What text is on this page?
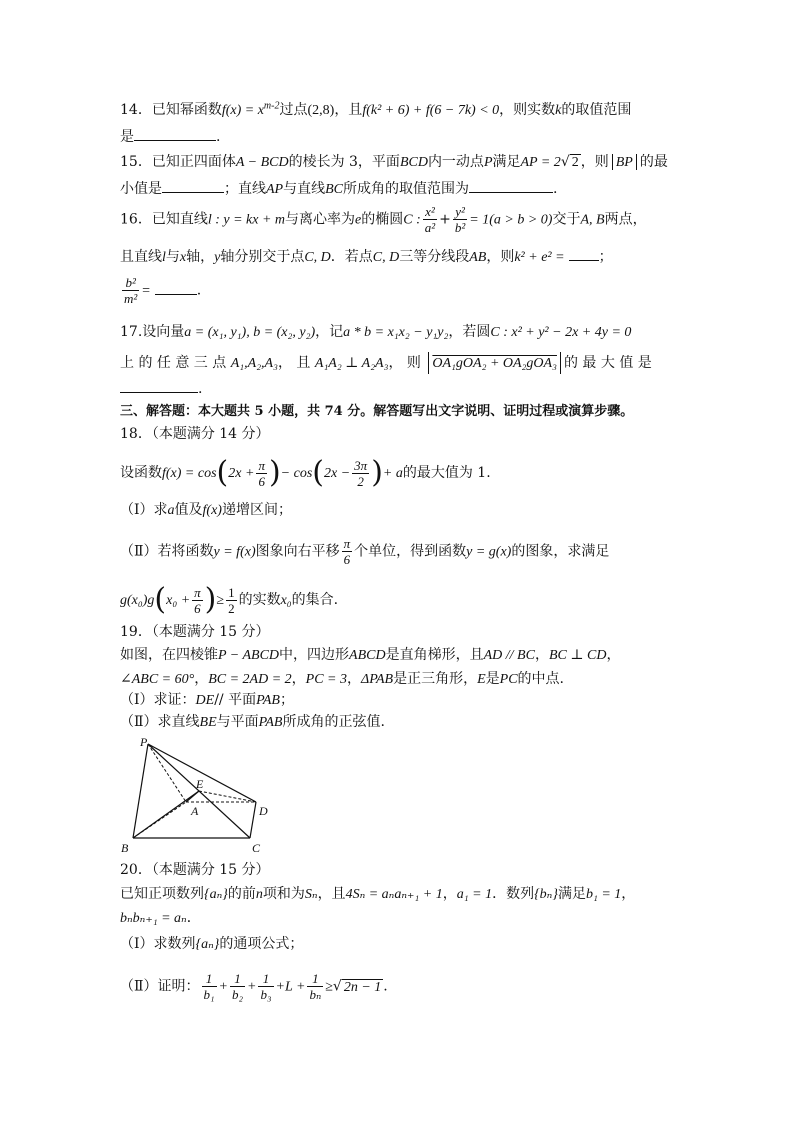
14．已知幂函数$f(x) = x^{m-2}$过点(2,8)，且f(k² + 6) + f(6 − 7k) < 0，则实数k的取值范围
是	.
15．已知正四面体A − BCD的棱长为 3，平面BCD内一动点P满足AP = 2√ 2 ，则 BP 的最
小值是	；直线AP与直线BC所成角的取值范围为	.
16．已知直线l : y = kx + m与离心率为e的椭圆C : $\frac{\text{x²}}{\text{a²}} + \frac{\text{y²}}{\text{b²}} = 1(a > b > 0)$交于A, B两点，
且直线l与x轴，y轴分别交于点C, D．若点C, D三等分线段AB，则k² + e² = ；
$\frac{\text{b²}}{\text{m²}}$ =	.
17.设向量a = (x₁, y₁), b = (x₂, y₂)，记a * b = x₁x₂ − y₁y₂，若圆C : x² + y² − 2x + 4y = 0
上 的 任 意 三 点 A₁,A₂,A₃， 且 A₁A₂ ⊥ A₂A₃， 则 OA₁gOA₂ + OA₂gOA₃ 的 最 大 值 是
.
三、解答题：本大题共 5 小题，共 74 分。解答题写出文字说明、证明过程或演算步骤。
18．（本题满分 14 分）
设函数$f(x) = \cos(2x + \frac{\pi}{6}$ )− $\cos(2x - \frac{3\pi}{2}$ )+ a的最大值为 1.
（Ⅰ）求a值及f(x)递增区间；
（Ⅱ）若将函数y = f(x)图象向右平移 $\frac{\pi}{6}$ 个单位，得到函数y = g(x)的图象，求满足
$g(x_0)g(x_0 + \frac{\pi}{6}$ )≥ $\frac{1}{2}$ 的实数x₀的集合.
19．（本题满分 15 分）
如图，在四棱锥P − ABCD中，四边形ABCD是直角梯形，且AD // BC，BC ⊥ CD，
∠ABC = 60°，BC = 2AD = 2，PC = 3，ΔPAB是正三角形，E是PC的中点.
（Ⅰ）求证：DE// 平面PAB；
（Ⅱ）求直线BE与平面PAB所成角的正弦值.
P
E
A	D
B	C
20．（本题满分 15 分）
已知正项数列{aₙ}的前n项和为Sₙ，且4Sₙ = aₙaₙ₊₁ + 1，a₁ = 1．数列{bₙ}满足b₁ = 1，
bₙbₙ₊₁ = aₙ．
（Ⅰ）求数列{aₙ}的通项公式；
（Ⅱ）证明： $\frac{1}{\text{b₁}} + \frac{1}{\text{b₂}} + \frac{1}{\text{b₃}} +L + \frac{1}{\text{bₙ}}$ ≥√ 2n − 1 .
